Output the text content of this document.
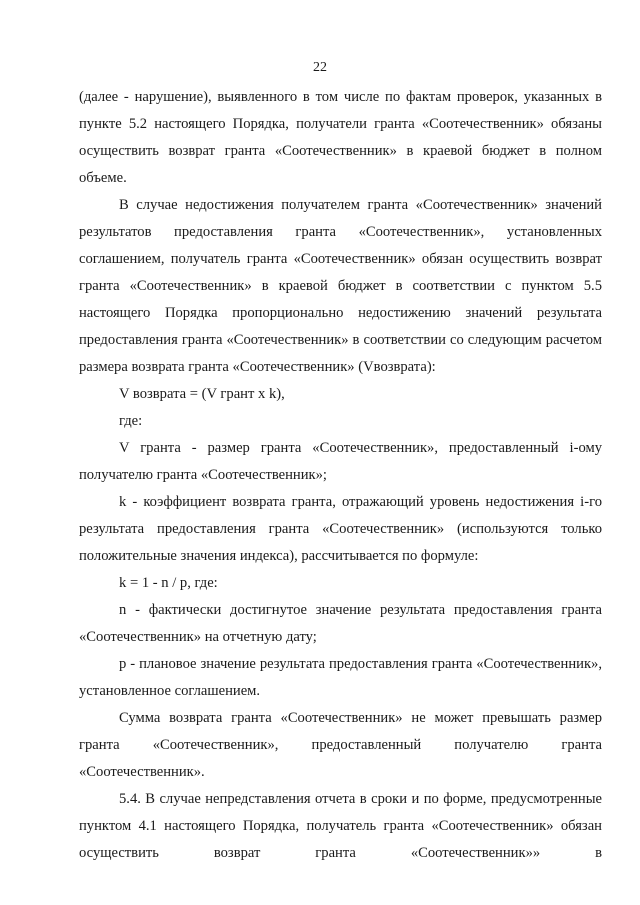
22

(далее - нарушение), выявленного в том числе по фактам проверок, указанных в пункте 5.2 настоящего Порядка, получатели гранта «Соотечественник» обязаны осуществить возврат гранта «Соотечественник» в краевой бюджет в полном объеме.

В случае недостижения получателем гранта «Соотечественник» значений результатов предоставления гранта «Соотечественник», установленных соглашением, получатель гранта «Соотечественник» обязан осуществить возврат гранта «Соотечественник» в краевой бюджет в соответствии с пунктом 5.5 настоящего Порядка пропорционально недостижению значений результата предоставления гранта «Соотечественник» в соответствии со следующим расчетом размера возврата гранта «Соотечественник» (Vвозврата):

V возврата = (V грант x k),

где:

V гранта - размер гранта «Соотечественник», предоставленный i-ому получателю гранта «Соотечественник»;

k - коэффициент возврата гранта, отражающий уровень недостижения i-го результата предоставления гранта «Соотечественник» (используются только положительные значения индекса), рассчитывается по формуле:

k = 1 - n / p, где:

n - фактически достигнутое значение результата предоставления гранта «Соотечественник» на отчетную дату;

p - плановое значение результата предоставления гранта «Соотечественник», установленное соглашением.

Сумма возврата гранта «Соотечественник» не может превышать размер гранта «Соотечественник», предоставленный получателю гранта «Соотечественник».

5.4. В случае непредставления отчета в сроки и по форме, предусмотренные пунктом 4.1 настоящего Порядка, получатель гранта «Соотечественник» обязан осуществить возврат гранта «Соотечественник»» в
